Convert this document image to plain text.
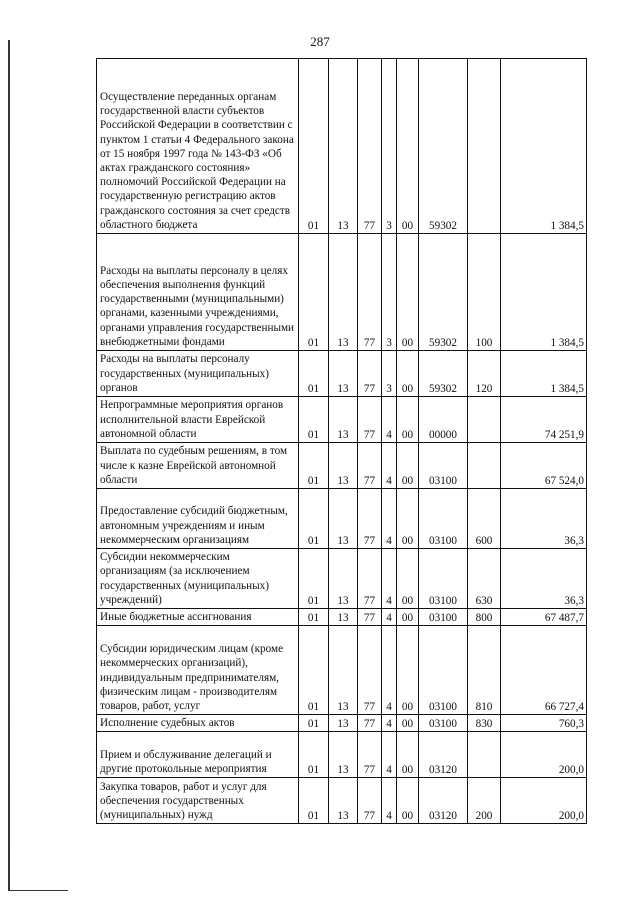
287
Осуществление переданных органам государственной власти субъектов Российской Федерации в соответствии с пунктом 1 статьи 4 Федерального закона от 15 ноября 1997 года № 143-ФЗ «Об актах гражданского состояния» полномочий Российской Федерации на государственную регистрацию актов гражданского состояния за счет средств областного бюджета	01	13	77	3	00	59302		1 384,5
Расходы на выплаты персоналу в целях обеспечения выполнения функций государственными (муниципальными) органами, казенными учреждениями, органами управления государственными внебюджетными фондами	01	13	77	3	00	59302	100	1 384,5
Расходы на выплаты персоналу государственных (муниципальных) органов	01	13	77	3	00	59302	120	1 384,5
Непрограммные мероприятия органов исполнительной власти Еврейской автономной области	01	13	77	4	00	00000		74 251,9
Выплата по судебным решениям, в том числе к казне Еврейской автономной области	01	13	77	4	00	03100		67 524,0
Предоставление субсидий бюджетным, автономным учреждениям и иным некоммерческим организациям	01	13	77	4	00	03100	600	36,3
Субсидии некоммерческим организациям (за исключением государственных (муниципальных) учреждений)	01	13	77	4	00	03100	630	36,3
Иные бюджетные ассигнования	01	13	77	4	00	03100	800	67 487,7
Субсидии юридическим лицам (кроме некоммерческих организаций), индивидуальным предпринимателям, физическим лицам - производителям товаров, работ, услуг	01	13	77	4	00	03100	810	66 727,4
Исполнение судебных актов	01	13	77	4	00	03100	830	760,3
Прием и обслуживание делегаций и другие протокольные мероприятия	01	13	77	4	00	03120		200,0
Закупка товаров, работ и услуг для обеспечения государственных (муниципальных) нужд	01	13	77	4	00	03120	200	200,0
